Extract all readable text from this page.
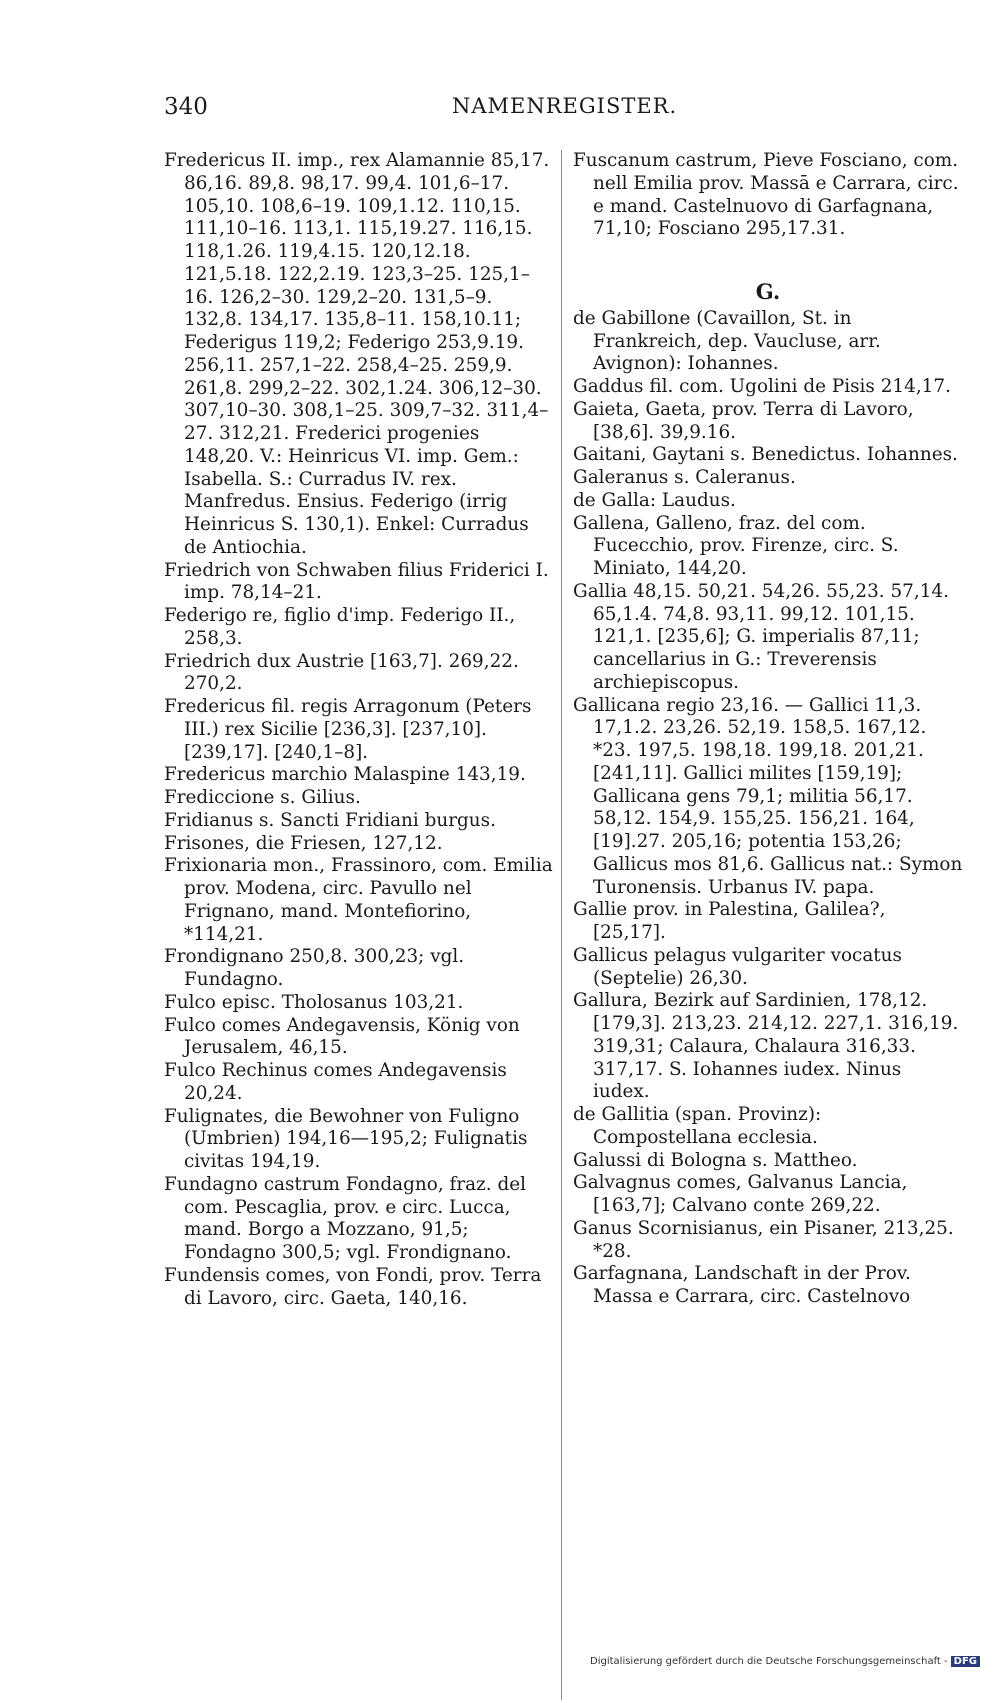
340	NAMENREGISTER.

Fredericus II. imp., rex Alamannie 85,17. 86,16. 89,8. 98,17. 99,4. 101,6–17. 105,10. 108,6–19. 109,1.12. 110,15. 111,10–16. 113,1. 115,19.27. 116,15. 118,1.26. 119,4.15. 120,12.18. 121,5.18. 122,2.19. 123,3–25. 125,1–16. 126,2–30. 129,2–20. 131,5–9. 132,8. 134,17. 135,8–11. 158,10.11; Federigus 119,2; Federigo 253,9.19. 256,11. 257,1–22. 258,4–25. 259,9. 261,8. 299,2–22. 302,1.24. 306,12–30. 307,10–30. 308,1–25. 309,7–32. 311,4–27. 312,21. Frederici progenies 148,20. V.: Heinricus VI. imp. Gem.: Isabella. S.: Curradus IV. rex. Manfredus. Ensius. Federigo (irrig Heinricus S. 130,1). Enkel: Curradus de Antiochia.

Friedrich von Schwaben filius Friderici I. imp. 78,14–21.

Federigo re, figlio d'imp. Federigo II., 258,3.

Friedrich dux Austrie [163,7]. 269,22. 270,2.

Fredericus fil. regis Arragonum (Peters III.) rex Sicilie [236,3]. [237,10]. [239,17]. [240,1–8].

Fredericus marchio Malaspine 143,19.

Frediccione s. Gilius.

Fridianus s. Sancti Fridiani burgus.

Frisones, die Friesen, 127,12.

Frixionaria mon., Frassinoro, com. Emilia prov. Modena, circ. Pavullo nel Frignano, mand. Montefiorino, *114,21.

Frondignano 250,8. 300,23; vgl. Fundagno.

Fulco episc. Tholosanus 103,21.

Fulco comes Andegavensis, König von Jerusalem, 46,15.

Fulco Rechinus comes Andegavensis 20,24.

Fulignates, die Bewohner von Fuligno (Umbrien) 194,16—195,2; Fulignatis civitas 194,19.

Fundagno castrum Fondagno, fraz. del com. Pescaglia, prov. e circ. Lucca, mand. Borgo a Mozzano, 91,5; Fondagno 300,5; vgl. Frondignano.

Fundensis comes, von Fondi, prov. Terra di Lavoro, circ. Gaeta, 140,16.

Fuscanum castrum, Pieve Fosciano, com. nell Emilia prov. Massā e Carrara, circ. e mand. Castelnuovo di Garfagnana, 71,10; Fosciano 295,17.31.

G.

de Gabillone (Cavaillon, St. in Frankreich, dep. Vaucluse, arr. Avignon): Iohannes.

Gaddus fil. com. Ugolini de Pisis 214,17.

Gaieta, Gaeta, prov. Terra di Lavoro, [38,6]. 39,9.16.

Gaitani, Gaytani s. Benedictus. Iohannes.

Galeranus s. Caleranus.

de Galla: Laudus.

Gallena, Galleno, fraz. del com. Fucecchio, prov. Firenze, circ. S. Miniato, 144,20.

Gallia 48,15. 50,21. 54,26. 55,23. 57,14. 65,1.4. 74,8. 93,11. 99,12. 101,15. 121,1. [235,6]; G. imperialis 87,11; cancellarius in G.: Treverensis archiepiscopus.

Gallicana regio 23,16. — Gallici 11,3. 17,1.2. 23,26. 52,19. 158,5. 167,12. *23. 197,5. 198,18. 199,18. 201,21. [241,11]. Gallici milites [159,19]; Gallicana gens 79,1; militia 56,17. 58,12. 154,9. 155,25. 156,21. 164,[19].27. 205,16; potentia 153,26; Gallicus mos 81,6. Gallicus nat.: Symon Turonensis. Urbanus IV. papa.

Gallie prov. in Palestina, Galilea?, [25,17].

Gallicus pelagus vulgariter vocatus (Septelie) 26,30.

Gallura, Bezirk auf Sardinien, 178,12. [179,3]. 213,23. 214,12. 227,1. 316,19. 319,31; Calaura, Chalaura 316,33. 317,17. S. Iohannes iudex. Ninus iudex.

de Gallitia (span. Provinz): Compostellana ecclesia.

Galussi di Bologna s. Mattheo.

Galvagnus comes, Galvanus Lancia, [163,7]; Calvano conte 269,22.

Ganus Scornisianus, ein Pisaner, 213,25. *28.

Garfagnana, Landschaft in der Prov. Massa e Carrara, circ. Castelnovo

Digitalisierung gefördert durch die Deutsche Forschungsgemeinschaft - DFG
